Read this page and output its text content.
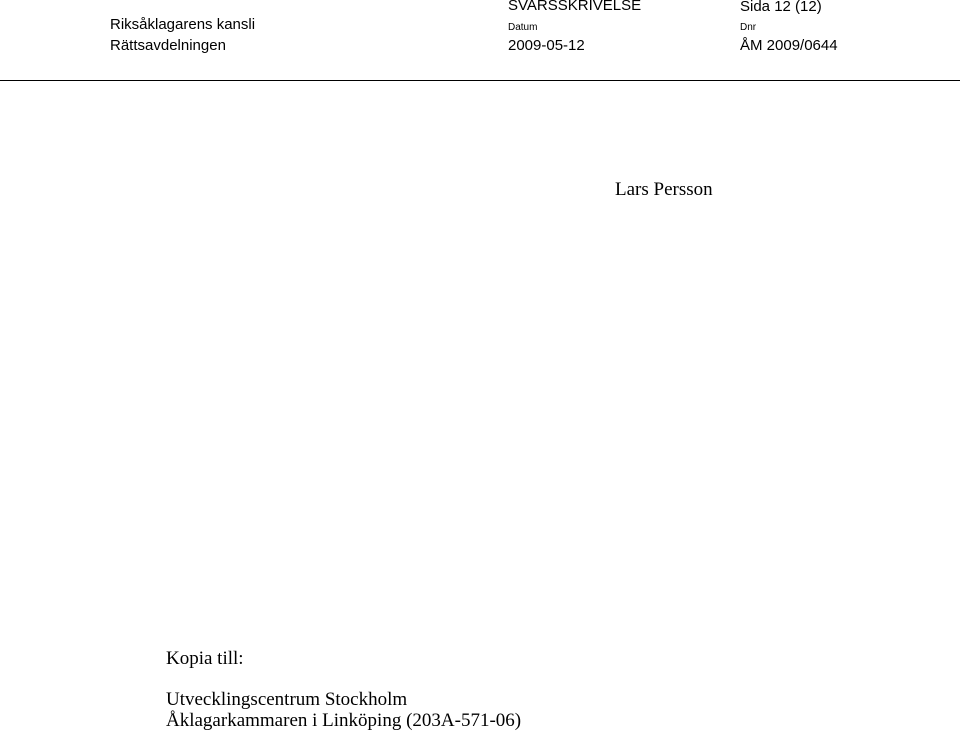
Riksåklagarens kansli
Rättsavdelningen
SVARSSKRIVELSE
Datum
2009-05-12
Sida 12 (12)
Dnr
ÅM 2009/0644
Lars Persson
Kopia till:
Utvecklingscentrum Stockholm
Åklagarkammaren i Linköping (203A-571-06)
